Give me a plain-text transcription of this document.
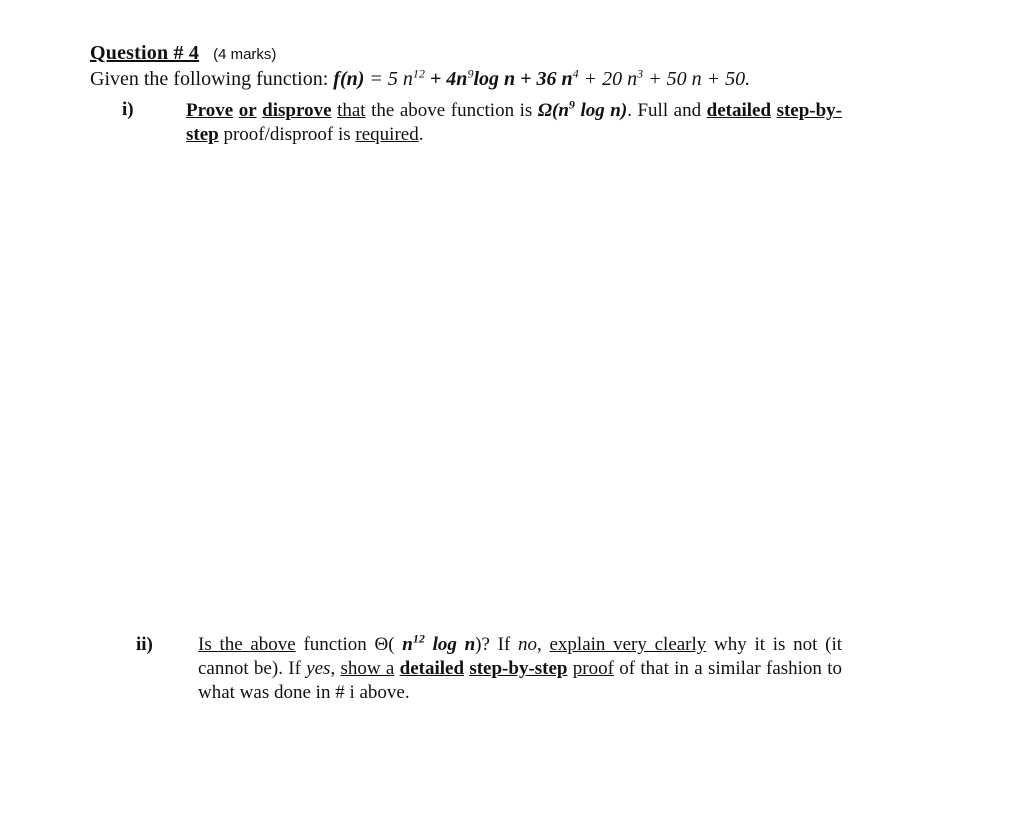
Question # 4 (4 marks)
Given the following function: f(n) = 5 $n^{12} + 4n^9\log$ n + 36 $n^4 + 20$ $n^3 + 50$ n + 50.
i)	Prove or disprove that the above function is $\Omega(n^9$ log n). Full and detailed step-by-step proof/disproof is required.
ii) Is the above function Θ( $n^{12}$ log n)? If no, explain very clearly why it is not (it cannot be). If yes, show a detailed step-by-step proof of that in a similar fashion to what was done in # i above.
